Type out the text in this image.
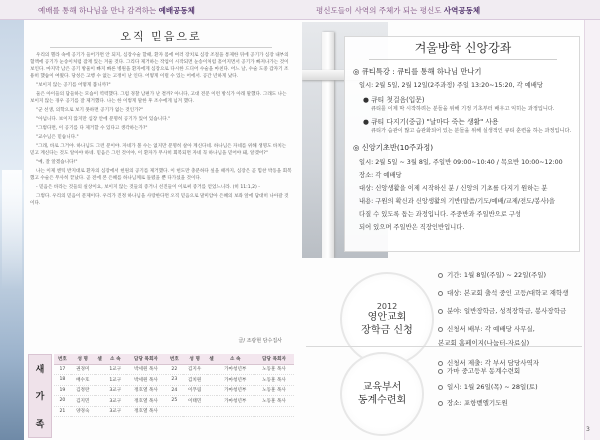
예배를 통해 하나님을 만나 감격하는 예배공동체
오직 믿음으로

우리의 헬라 속에 공기가 들어가면 안 되지, 심장수술 할때, 환자 몸에 여러 장치로 심장 조절을 통제한 뒤에 공기가 심장 내부의 혈액에 공기가 눈송이처럼 잠재 있는 겨울 것다. 그리다 제거하는 작업이 시작되면 눈송이처럼 흩어지면서 공기가 빠져나가는 것이 보인다. 마지막 남은 공기 방울이 빠지 빠른 병원을 환자에게 심장으로 다시한 드디어 수술을 마친다. 어느 날, 수술 도중 갑자기 조용히 했습이 여쭸다. 당성은 고행 수 없는 고정이 난 인다. 어떻게 이럴 수 있는 어에서. 공간 년하게 났다.

"보이지 않는 공기를 어떻게 봅니까?"

둘은 아이들의 답들하는 모습이 역력했다. 그럼 경찰 남편가 난 결까? 아니다, 고대 전문 이런 방식가 아래 말했다. 그래도 나는 보이지 않는 경우 공기를 잘 제거했다. 나는 한 이렇게 말한 후 조수에게 넘겨 했다.

"군 선생, 의학으로 보기 못하면 공기가 없는 것인가?"

"아닙니다. 보이지 않지만 심장 안에 분명히 공기가 있어 있습니다."

"그렇다면, 이 공기를 다 제거할 수 있다고 생각하는가?"

"교수님은 믿습니다."

"그래, 바로 그거야. 하나님도 그런 분이야. 자네가 볼 수는 없지만 분명히 살아 계신다네. 하나님은 자네를 위해 생명도 바치는 믿고 계신다는 것도 알아야 하네. 믿음은 그런 것이야, 이 환자가 무사히 회복되면 자네 꼭 하나님을 믿어야 돼, 알겠어?"

"예, 잘 알겠습니다!"

나는 이제 엔틱 반지대로 환자의 심장에서 헌원의 공기를 제거했다. 이 헌도만 충분하다 싶을 때까지, 심장은 곧 힘찬 박동을 회복했고 수술은 무사히 끝났다. 곧 전에 본 은혜를 하나님께로 돌렸을 뿐 다가섰을 것이다.

- 믿음은 바라는 것들의 실상이요, 보이지 않는 것들의 증거니 선진들이 이로써 증거를 얻었느니라. (히 11:1,2) -

그렇다. 우리의 믿음이 문제이다. 우리가 진정 하나님을 사랑한다면 오직 믿음으로 말미암아 은혜의 보좌 앞에 담대히 나아갈 것이다.

글/ 조광현 담수집사
새
가
족
번호	성 명	셀	소 속	담당 목회자	번호	성 명	셀	소 속	담당 목회자
17	권경미		1교구	박세원 목사	22	김지우		가마청년부	노동훈 목사
18	배수호		1교구	박세원 목사	23	김치원		가마청년부	노동훈 목사
19	김정란		3교구	정호열 목사	24	이푸림		가마청년부	노동훈 목사
20	김지민		3교구	정호열 목사	25	이태민		가마청년부	노동훈 목사
21	양경숙		3교구	정호열 목사					
평신도들이 사역의 주체가 되는 평신도 사역공동체
겨울방학 신앙강좌
◎ 큐티특강 : 큐티를 통해 하나님 만나기
일시: 2월 5일, 2월 12일(2주과정) 주일 13:20~15:20, 각 예배당
● 큐티 첫걸음(입문)
큐티를 이제 막 시작하려는 분들을 위해 기정 기초부터 배우고 익히는 과정입니다.
● 큐티 다지기(중급) "날마다 죽는 생활" 사용
큐티가 습관이 많고 습관화되어 있는 분들을 위해 실생적인 큐티 훈련을 하는 과정입니다.
◎ 신앙기초반(10주과정)
일시: 2월 5일 ~ 3월 8일, 주일반 09:00~10:40 / 목요반 10:00~12:00
장소: 각 예배당
대상: 신앙생활을 이제 시작하신 분 / 신앙의 기초를 다지기 원하는 분
내용: 구원의 확신과 신앙생활의 기반(말씀/기도/예배/교제/전도/봉사)을
다질 수 있도록 돕는 과정입니다. 주중반과 주일반으로 구성
되어 있으며 주일반은 직장인반입니다.
2012
영안교회
장학금 신청
기간: 1월 8일(주일) ~ 22일(주일)
대상: 본교회 출석 중인 고등/대학교 재학생
분야: 일반장학금, 성적장학금, 봉사장학금
신청서 배부: 각 예배당 사무실,
본교회 홈페이지(나눔터-자료실)
신청서 제출: 각 부서 담당사역자
교육부서
동계수련회
가마 중고등부 동계수련회
일시: 1월 26일(목) ~ 28일(토)
장소: 포항벧엘기도원
3
